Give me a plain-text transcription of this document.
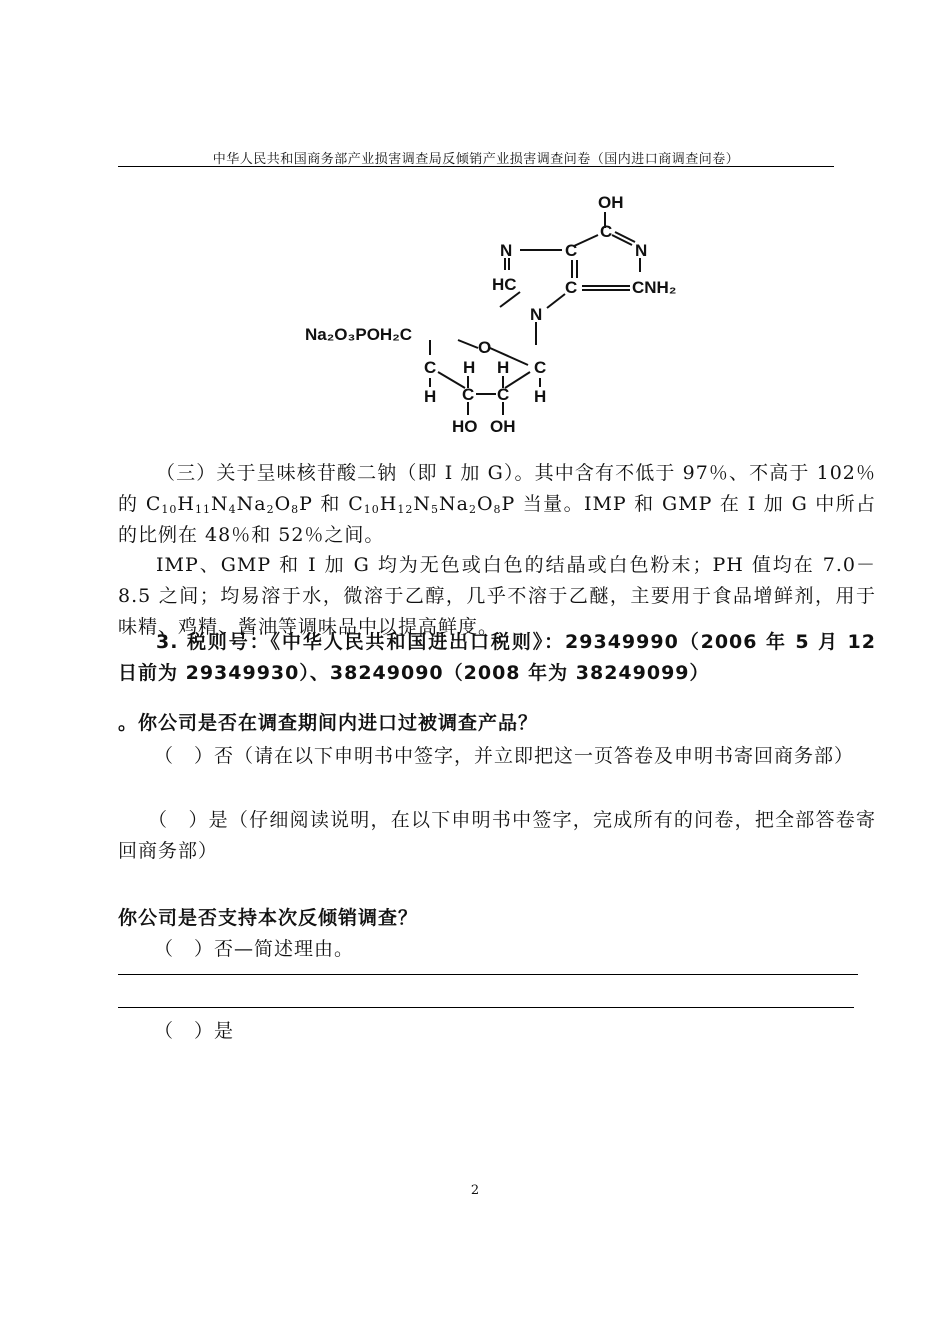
中华人民共和国商务部产业损害调查局反倾销产业损害调查问卷（国内进口商调查问卷）
OH
C
N	C	N
HC	C	CNH₂
N
Na₂O₃POH₂C
O
C H H C
H C C H
HO OH
（三）关于呈味核苷酸二钠（即 I 加 G）。其中含有不低于 97％、不高于 102％的 $C_{10}H_{11}N_4Na_2O_8P$ 和 $C_{10}H_{12}N_5Na_2O_8P$ 当量。IMP 和 GMP 在 I 加 G 中所占的比例在 48％和 52％之间。
IMP、GMP 和 I 加 G 均为无色或白色的结晶或白色粉末；PH 值均在 7.0－8.5 之间；均易溶于水，微溶于乙醇，几乎不溶于乙醚，主要用于食品增鲜剂，用于味精、鸡精、酱油等调味品中以提高鲜度。
3. 税则号：《中华人民共和国进出口税则》：29349990（2006 年 5 月 12 日前为 29349930）、38249090（2008 年为 38249099）
。你公司是否在调查期间内进口过被调查产品？
（　）否（请在以下申明书中签字，并立即把这一页答卷及申明书寄回商务部）
（　）是（仔细阅读说明，在以下申明书中签字，完成所有的问卷，把全部答卷寄回商务部）
你公司是否支持本次反倾销调查？
（　）否—简述理由。
（　）是
2
